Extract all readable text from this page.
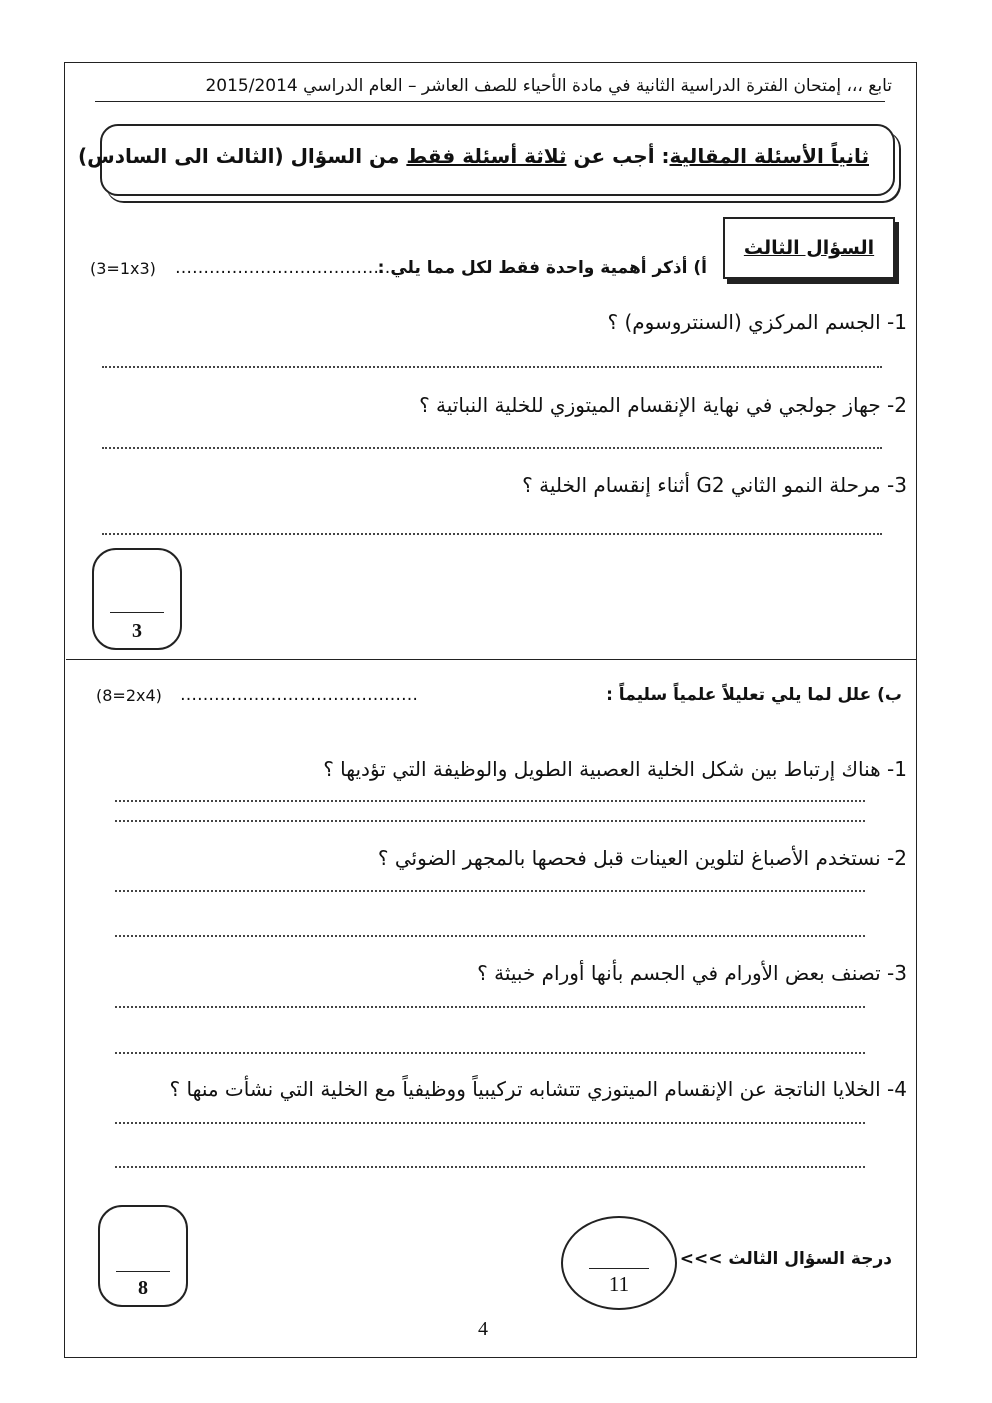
تابع ،،، إمتحان الفترة الدراسية الثانية في مادة الأحياء للصف العاشر – العام الدراسي 2015/2014
ثانياً الأسئلة المقالية: أجب عن ثلاثة أسئلة فقط من السؤال (الثالث الى السادس)
السؤال الثالث
أ) أذكر أهمية واحدة فقط لكل مما يلي :
…………………………………
(3=1x3)
1- الجسم المركزي (السنتروسوم) ؟
2- جهاز جولجي في نهاية الإنقسام الميتوزي للخلية النباتية ؟
3- مرحلة النمو الثاني G2 أثناء إنقسام الخلية ؟
3
ب) علل لما يلي تعليلاً علمياً سليماً :
……………………………………
(8=2x4)
1- هناك إرتباط بين شكل الخلية العصبية الطويل والوظيفة التي تؤديها ؟
2- نستخدم الأصباغ لتلوين العينات قبل فحصها بالمجهر الضوئي ؟
3- تصنف بعض الأورام في الجسم بأنها أورام خبيثة ؟
4- الخلايا الناتجة عن الإنقسام الميتوزي تتشابه تركيبياً ووظيفياً مع الخلية التي نشأت منها ؟
8	11
درجة السؤال الثالث >>>
4
